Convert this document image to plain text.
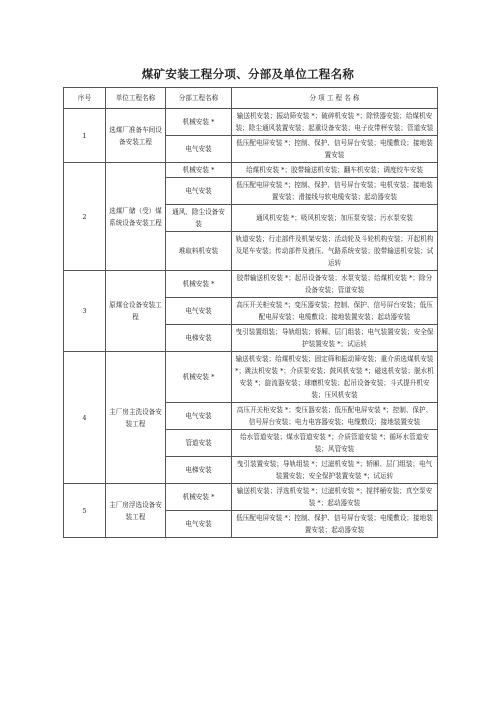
煤矿安装工程分项、分部及单位工程名称
序号	单位工程名称	分部工程名称	分 项 工 程 名 称
1	选煤厂准备车间设备安装工程	机械安装 *	输送机安装；振动筛安装 *；破碎机安装 *；除铁器安装；给煤机安装；除尘通风装置安装；起重设备安装；电子皮带秤安装；管道安装
		电气安装	低压配电屏安装 *；控制、保护、信号屏台安装；电缆敷设；接地装置安装
2	选煤厂储（受）煤系统设备安装工程	机械安装 *	给煤机安装 *；胶带输送机安装；翻车机安装；调度绞车安装
		电气安装	低压配电屏安装 *；控制、保护、信号屏台安装；电机安装；接地装置安装；滑接线与软电缆安装；起动器安装
		通风、除尘设备安装	通风机安装 *；吸风机安装；加压泵安装；污水泵安装
		堆取料机安装	轨道安装；行走部件及机架安装；活动轮及斗轮机构安装；开起机构及尾车安装；传动部件及液压、气路系统安装；胶带输送机安装；试运转
3	原煤仓设备安装工程	机械安装 *	胶带输送机安装 *；起吊设备安装；水泵安装；给煤机安装 *；除分设备安装；管道安装
		电气安装	高压开关柜安装 *；变压器安装；控制、保护、信号屏台安装；低压配电屏安装；电缆敷设；接地装置安装；起动器安装
		电梯安装	曳引装置组装；导轨组装；轿厢、层门组装；电气装置安装；安全保护装置安装 *；试运转
4	主厂房主洗设备安装工程	机械安装 *	输送机安装；给煤机安装；固定筛和振动筛安装；重介质选煤机安装 *；跳汰机安装 *；介质泵安装；鼓风机安装 *；磁选机安装；脱水机安装 *；旋流器安装；球磨机安装；起吊设备安装；斗式提升机安装；压风机安装
		电气安装	高压开关柜安装 *；变压器安装；低压配电屏安装 *；控制、保护、信号屏台安装；电力电容器安装；电缆敷设；接地装置安装
		管道安装	给水管道安装；煤水管道安装 *；介质管道安装 *；循环水管道安装；风管安装
		电梯安装	曳引装置安装；导轨组装 *；过滤机安装 *；轿厢、层门组装；电气装置安装；安全保护装置安装 *；试运转
5	主厂房浮选设备安装工程	机械安装 *	输送机安装；浮选机安装 *；过滤机安装 *；搅拌桶安装；真空泵安装 *；起动器安装
		电气安装	低压配电屏安装 *；控制、保护、信号屏台安装；电缆敷设；接地装置安装；起动器安装
